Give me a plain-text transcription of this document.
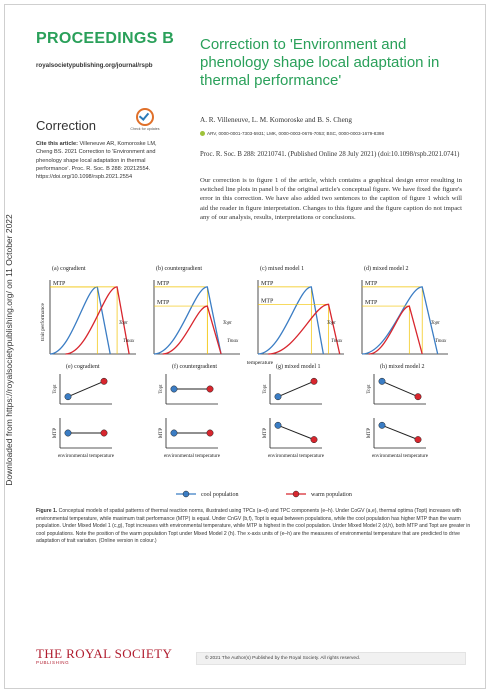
Downloaded from https://royalsocietypublishing.org/ on 11 October 2022
PROCEEDINGS B
royalsocietypublishing.org/journal/rspb
Correction	Check for updates
Cite this article: Villeneuve AR, Komoroske LM, Cheng BS. 2021 Correction to 'Environment and phenology shape local adaptation in thermal performance'. Proc. R. Soc. B 288: 20212554. https://doi.org/10.1098/rspb.2021.2554
Correction to 'Environment and phenology shape local adaptation in thermal performance'
A. R. Villeneuve, L. M. Komoroske and B. S. Cheng
ARV, 0000-0001-7303-5931; LMK, 0000-0003-0676-7053; BSC, 0000-0003-1679-8398
Proc. R. Soc. B 288: 20210741. (Published Online 28 July 2021) (doi:10.1098/rspb.2021.0741)
Our correction is to figure 1 of the article, which contains a graphical design error resulting in switched line plots in panel b of the original article's conceptual figure. We have fixed the figure's error in this correction. We have also added two sentences to the caption of figure 1 which will aid the reader in figure interpretation. Changes to this figure and the figure caption do not impact any of our analysis, results, interpretations or conclusions.
(a) cogradient
MTP
Topt
Tmax
(b) countergradient
MTP
MTP
Topt
Tmax
(c) mixed model 1
MTP
MTP
Topt
Tmax
(d) mixed model 2
MTP
MTP
Topt
Tmax
trait performance
temperature
(e) cogradient
Topt
MTP
environmental temperature
(f) countergradient
Topt
MTP
environmental temperature
(g) mixed model 1
Topt
MTP
environmental temperature
(h) mixed model 2
Topt
MTP
environmental temperature
cool population	warm population
Figure 1. Conceptual models of spatial patterns of thermal reaction norms, illustrated using TPCs (a–d) and TPC components (e–h). Under CoGV (a,e), thermal optima (Topt) increases with environmental temperature, while maximum trait performance (MTP) is equal. Under CnGV (b,f), Topt is equal between populations, while the cool population has higher MTP than the warm population. Under Mixed Model 1 (c,g), Topt increases with environmental temperature, while MTP is highest in the cool population. Under Mixed Model 2 (d,h), both MTP and Topt are greater in cool populations. Note the position of the warm population Topt under Mixed Model 2 (h). The x-axis units of (e–h) are the measures of environmental temperature that are predicted to drive adaptation of trait variation. (Online version in colour.)
THE ROYAL SOCIETY
PUBLISHING
© 2021 The Author(s) Published by the Royal Society. All rights reserved.
